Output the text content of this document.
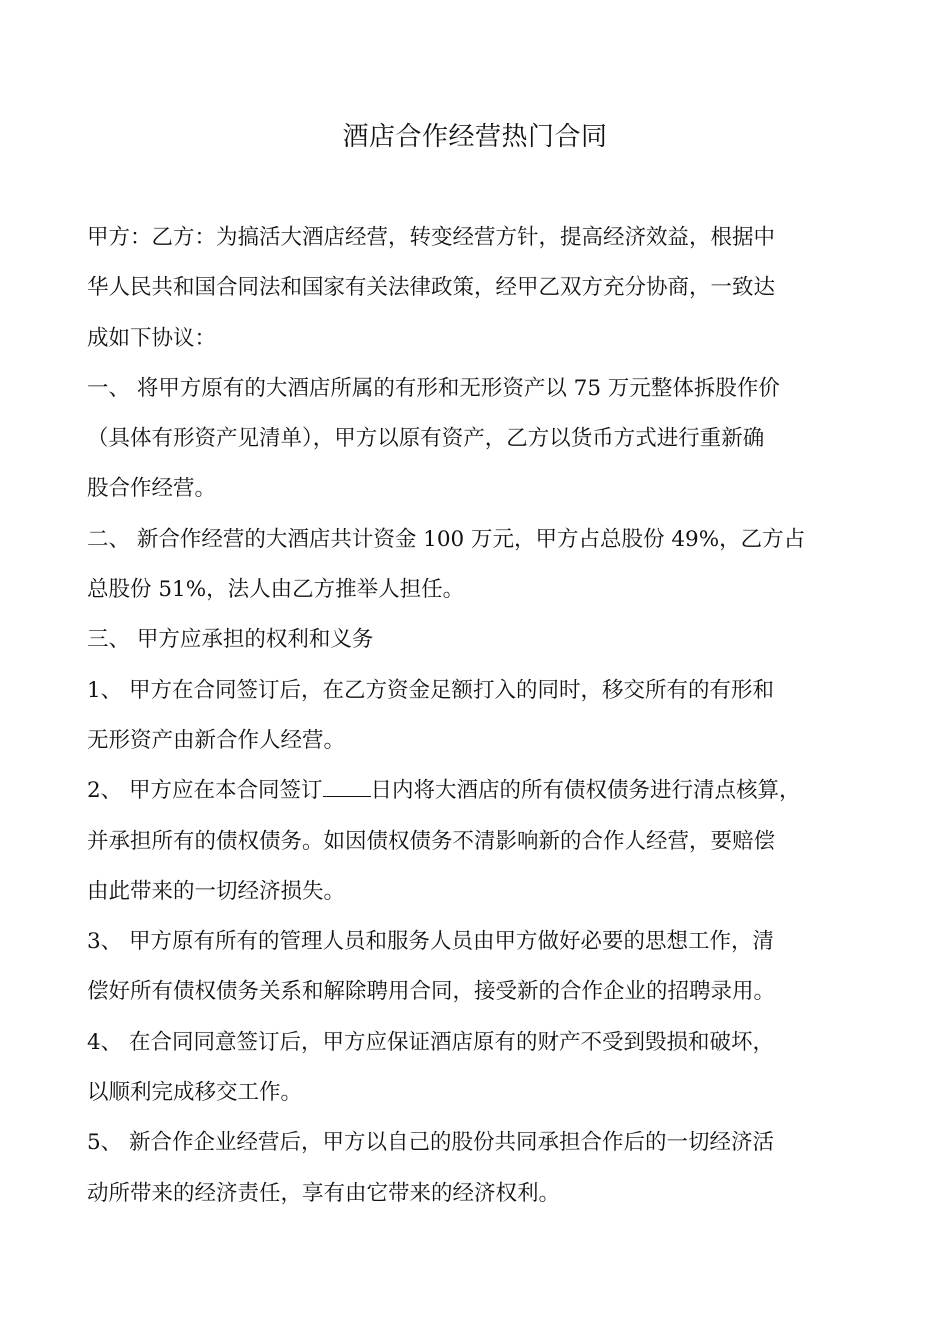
酒店合作经营热门合同
甲方：乙方：为搞活大酒店经营，转变经营方针，提高经济效益，根据中
华人民共和国合同法和国家有关法律政策，经甲乙双方充分协商，一致达
成如下协议：
一、 将甲方原有的大酒店所属的有形和无形资产以 75 万元整体拆股作价
（具体有形资产见清单），甲方以原有资产，乙方以货币方式进行重新确
股合作经营。
二、 新合作经营的大酒店共计资金 100 万元，甲方占总股份 49%，乙方占
总股份 51%，法人由乙方推举人担任。
三、 甲方应承担的权利和义务
1、 甲方在合同签订后，在乙方资金足额打入的同时，移交所有的有形和
无形资产由新合作人经营。
2、 甲方应在本合同签订 日内将大酒店的所有债权债务进行清点核算，
并承担所有的债权债务。如因债权债务不清影响新的合作人经营，要赔偿
由此带来的一切经济损失。
3、 甲方原有所有的管理人员和服务人员由甲方做好必要的思想工作，清
偿好所有债权债务关系和解除聘用合同，接受新的合作企业的招聘录用。
4、 在合同同意签订后，甲方应保证酒店原有的财产不受到毁损和破坏，
以顺利完成移交工作。
5、 新合作企业经营后，甲方以自己的股份共同承担合作后的一切经济活
动所带来的经济责任，享有由它带来的经济权利。
